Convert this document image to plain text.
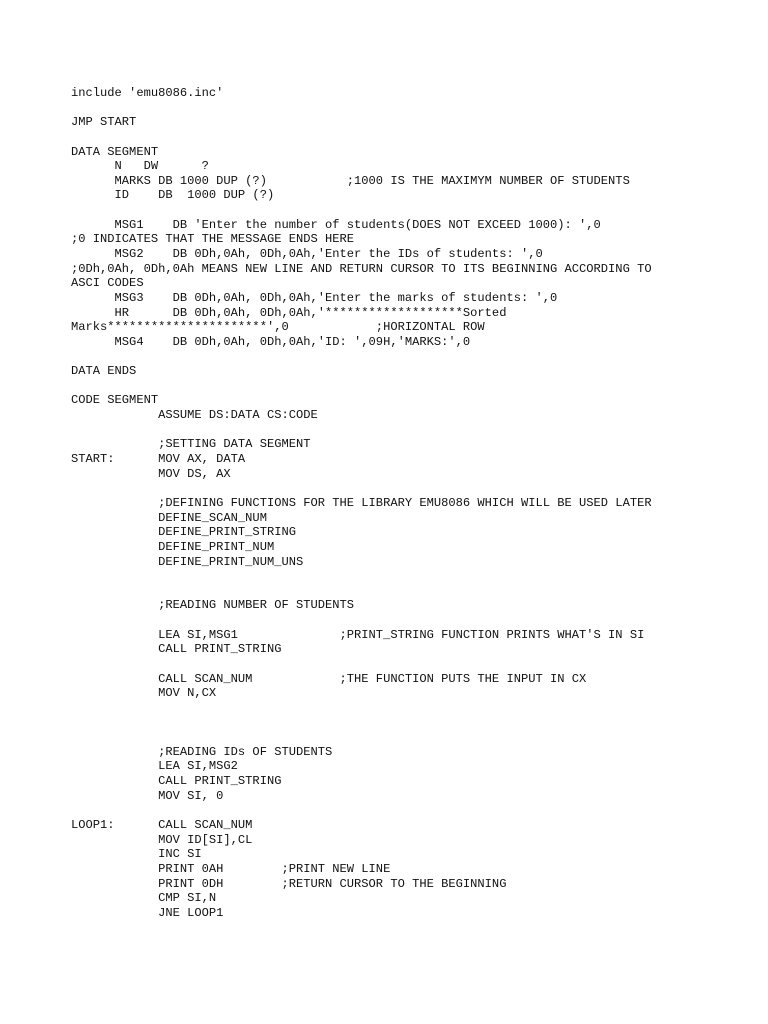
include 'emu8086.inc'
JMP START
DATA SEGMENT
N   DW      ?
MARKS DB 1000 DUP (?)           ;1000 IS THE MAXIMYM NUMBER OF STUDENTS
ID    DB  1000 DUP (?)
MSG1    DB 'Enter the number of students(DOES NOT EXCEED 1000): ',0
;0 INDICATES THAT THE MESSAGE ENDS HERE
MSG2    DB 0Dh,0Ah, 0Dh,0Ah,'Enter the IDs of students: ',0
;0Dh,0Ah, 0Dh,0Ah MEANS NEW LINE AND RETURN CURSOR TO ITS BEGINNING ACCORDING TO
ASCI CODES
MSG3    DB 0Dh,0Ah, 0Dh,0Ah,'Enter the marks of students: ',0
HR      DB 0Dh,0Ah, 0Dh,0Ah,'*******************Sorted
Marks**********************',0            ;HORIZONTAL ROW
MSG4    DB 0Dh,0Ah, 0Dh,0Ah,'ID: ',09H,'MARKS:',0
DATA ENDS
CODE SEGMENT
ASSUME DS:DATA CS:CODE
;SETTING DATA SEGMENT
START:      MOV AX, DATA
MOV DS, AX
;DEFINING FUNCTIONS FOR THE LIBRARY EMU8086 WHICH WILL BE USED LATER
DEFINE_SCAN_NUM
DEFINE_PRINT_STRING
DEFINE_PRINT_NUM
DEFINE_PRINT_NUM_UNS
;READING NUMBER OF STUDENTS
LEA SI,MSG1              ;PRINT_STRING FUNCTION PRINTS WHAT'S IN SI
CALL PRINT_STRING
CALL SCAN_NUM            ;THE FUNCTION PUTS THE INPUT IN CX
MOV N,CX
;READING IDs OF STUDENTS
LEA SI,MSG2
CALL PRINT_STRING
MOV SI, 0
LOOP1:      CALL SCAN_NUM
MOV ID[SI],CL
INC SI
PRINT 0AH        ;PRINT NEW LINE
PRINT 0DH        ;RETURN CURSOR TO THE BEGINNING
CMP SI,N
JNE LOOP1
